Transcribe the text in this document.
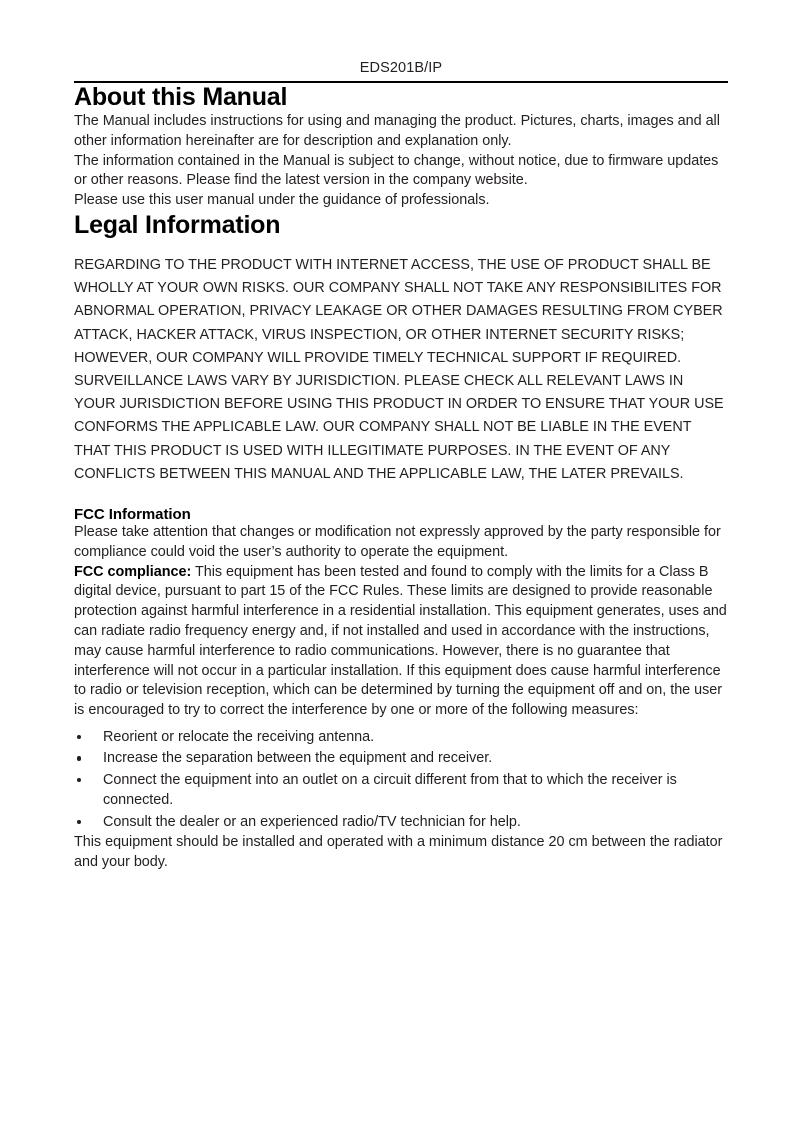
EDS201B/IP
About this Manual

The Manual includes instructions for using and managing the product. Pictures, charts, images and all other information hereinafter are for description and explanation only.

The information contained in the Manual is subject to change, without notice, due to firmware updates or other reasons. Please find the latest version in the company website.

Please use this user manual under the guidance of professionals.

Legal Information

REGARDING TO THE PRODUCT WITH INTERNET ACCESS, THE USE OF PRODUCT SHALL BE WHOLLY AT YOUR OWN RISKS. OUR COMPANY SHALL NOT TAKE ANY RESPONSIBILITES FOR ABNORMAL OPERATION, PRIVACY LEAKAGE OR OTHER DAMAGES RESULTING FROM CYBER ATTACK, HACKER ATTACK, VIRUS INSPECTION, OR OTHER INTERNET SECURITY RISKS; HOWEVER, OUR COMPANY WILL PROVIDE TIMELY TECHNICAL SUPPORT IF REQUIRED. SURVEILLANCE LAWS VARY BY JURISDICTION. PLEASE CHECK ALL RELEVANT LAWS IN YOUR JURISDICTION BEFORE USING THIS PRODUCT IN ORDER TO ENSURE THAT YOUR USE CONFORMS THE APPLICABLE LAW. OUR COMPANY SHALL NOT BE LIABLE IN THE EVENT THAT THIS PRODUCT IS USED WITH ILLEGITIMATE PURPOSES. IN THE EVENT OF ANY CONFLICTS BETWEEN THIS MANUAL AND THE APPLICABLE LAW, THE LATER PREVAILS.

FCC Information

Please take attention that changes or modification not expressly approved by the party responsible for compliance could void the user’s authority to operate the equipment.

FCC compliance: This equipment has been tested and found to comply with the limits for a Class B digital device, pursuant to part 15 of the FCC Rules. These limits are designed to provide reasonable protection against harmful interference in a residential installation. This equipment generates, uses and can radiate radio frequency energy and, if not installed and used in accordance with the instructions, may cause harmful interference to radio communications. However, there is no guarantee that interference will not occur in a particular installation. If this equipment does cause harmful interference to radio or television reception, which can be determined by turning the equipment off and on, the user is encouraged to try to correct the interference by one or more of the following measures:

Reorient or relocate the receiving antenna.
Increase the separation between the equipment and receiver.
Connect the equipment into an outlet on a circuit different from that to which the receiver is connected.
Consult the dealer or an experienced radio/TV technician for help.

This equipment should be installed and operated with a minimum distance 20 cm between the radiator and your body.
